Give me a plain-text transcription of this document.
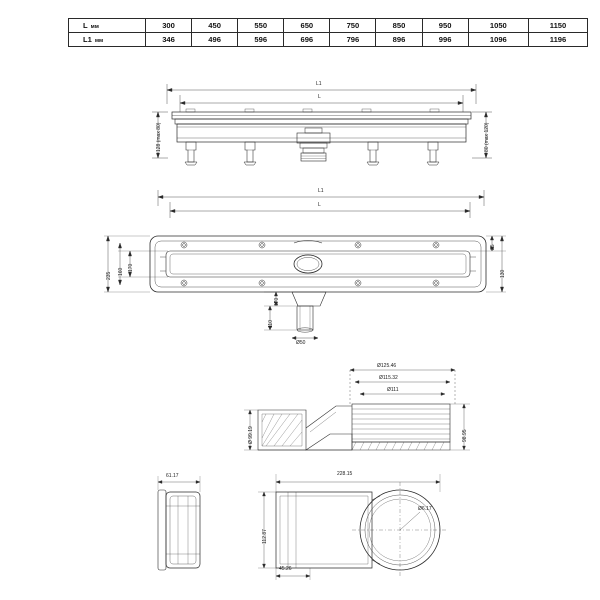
L мм	300	450	550	650	750	850	950	1050	1150
L1 мм	346	496	596	696	796	896	996	1096	1196
L1
L
128 (max 80)	80 (max 120)
L1
L
170
160
235	130
25
170
110
Ø50
Ø125.46
Ø115.32
Ø111
Ø 99.19	98.95
61.17	228.15
112.87
45.26
Ø6.17
